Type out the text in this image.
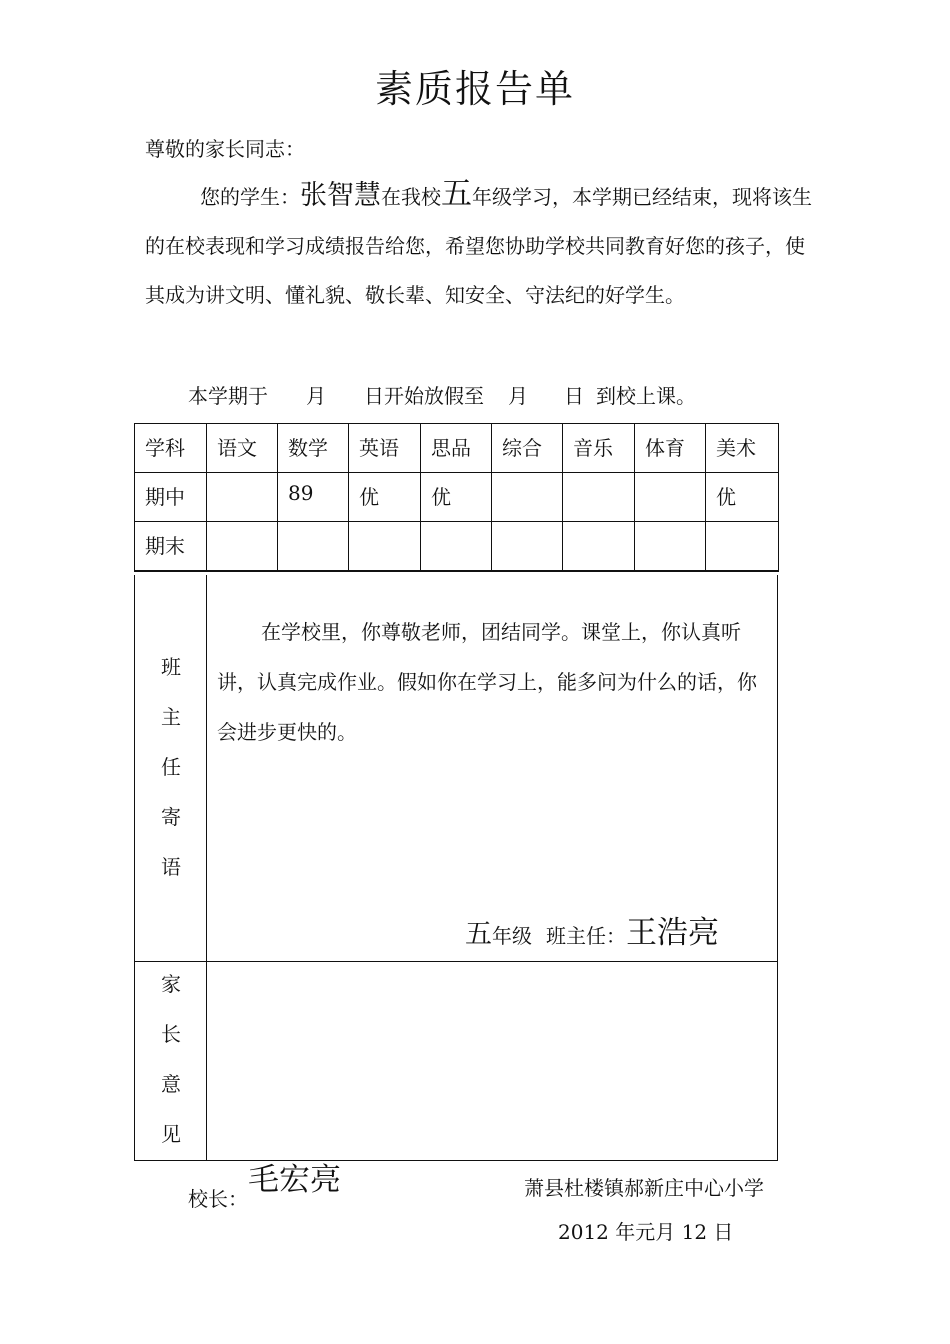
素质报告单
尊敬的家长同志：
您的学生：张智慧在我校五年级学习，本学期已经结束，现将该生的在校表现和学习成绩报告给您，希望您协助学校共同教育好您的孩子，使其成为讲文明、懂礼貌、敬长辈、知安全、守法纪的好学生。
本学期于 月 日开始放假至 月 日 到校上课。
学科	语文	数学	英语	思品	综合	音乐	体育	美术
期中		89	优	优				优
期末								
班
主
任
寄
语
在学校里，你尊敬老师，团结同学。课堂上，你认真听讲，认真完成作业。假如你在学习上，能多问为什么的话，你会进步更快的。
五年级 班主任：王浩亮
家
长
意
见
校长：毛宏亮	萧县杜楼镇郝新庄中心小学
2012 年元月 12 日
